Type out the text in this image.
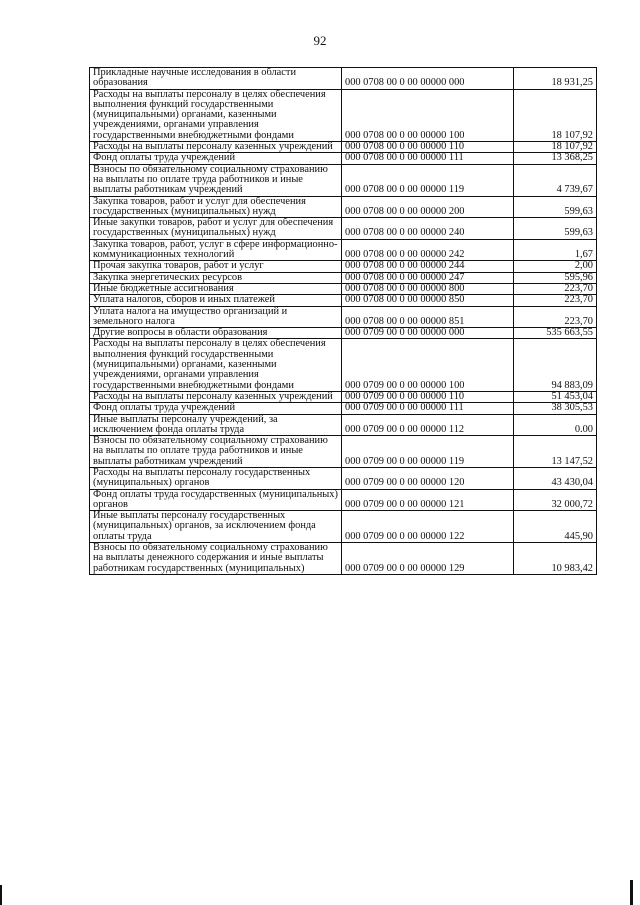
92
Прикладные научные исследования в области образования	000 0708 00 0 00 00000 000	18 931,25
Расходы на выплаты персоналу в целях обеспечения выполнения функций государственными (муниципальными) органами, казенными учреждениями, органами управления государственными внебюджетными фондами	000 0708 00 0 00 00000 100	18 107,92
Расходы на выплаты персоналу казенных учреждений	000 0708 00 0 00 00000 110	18 107,92
Фонд оплаты труда учреждений	000 0708 00 0 00 00000 111	13 368,25
Взносы по обязательному социальному страхованию на выплаты по оплате труда работников и иные выплаты работникам учреждений	000 0708 00 0 00 00000 119	4 739,67
Закупка товаров, работ и услуг для обеспечения государственных (муниципальных) нужд	000 0708 00 0 00 00000 200	599,63
Иные закупки товаров, работ и услуг для обеспечения государственных (муниципальных) нужд	000 0708 00 0 00 00000 240	599,63
Закупка товаров, работ, услуг в сфере информационно-коммуникационных технологий	000 0708 00 0 00 00000 242	1,67
Прочая закупка товаров, работ и услуг	000 0708 00 0 00 00000 244	2,00
Закупка энергетических ресурсов	000 0708 00 0 00 00000 247	595,96
Иные бюджетные ассигнования	000 0708 00 0 00 00000 800	223,70
Уплата налогов, сборов и иных платежей	000 0708 00 0 00 00000 850	223,70
Уплата налога на имущество организаций и земельного налога	000 0708 00 0 00 00000 851	223,70
Другие вопросы в области образования	000 0709 00 0 00 00000 000	535 663,55
Расходы на выплаты персоналу в целях обеспечения выполнения функций государственными (муниципальными) органами, казенными учреждениями, органами управления государственными внебюджетными фондами	000 0709 00 0 00 00000 100	94 883,09
Расходы на выплаты персоналу казенных учреждений	000 0709 00 0 00 00000 110	51 453,04
Фонд оплаты труда учреждений	000 0709 00 0 00 00000 111	38 305,53
Иные выплаты персоналу учреждений, за исключением фонда оплаты труда	000 0709 00 0 00 00000 112	0.00
Взносы по обязательному социальному страхованию на выплаты по оплате труда работников и иные выплаты работникам учреждений	000 0709 00 0 00 00000 119	13 147,52
Расходы на выплаты персоналу государственных (муниципальных) органов	000 0709 00 0 00 00000 120	43 430,04
Фонд оплаты труда государственных (муниципальных) органов	000 0709 00 0 00 00000 121	32 000,72
Иные выплаты персоналу государственных (муниципальных) органов, за исключением фонда оплаты труда	000 0709 00 0 00 00000 122	445,90
Взносы по обязательному социальному страхованию на выплаты денежного содержания и иные выплаты работникам государственных (муниципальных)	000 0709 00 0 00 00000 129	10 983,42
